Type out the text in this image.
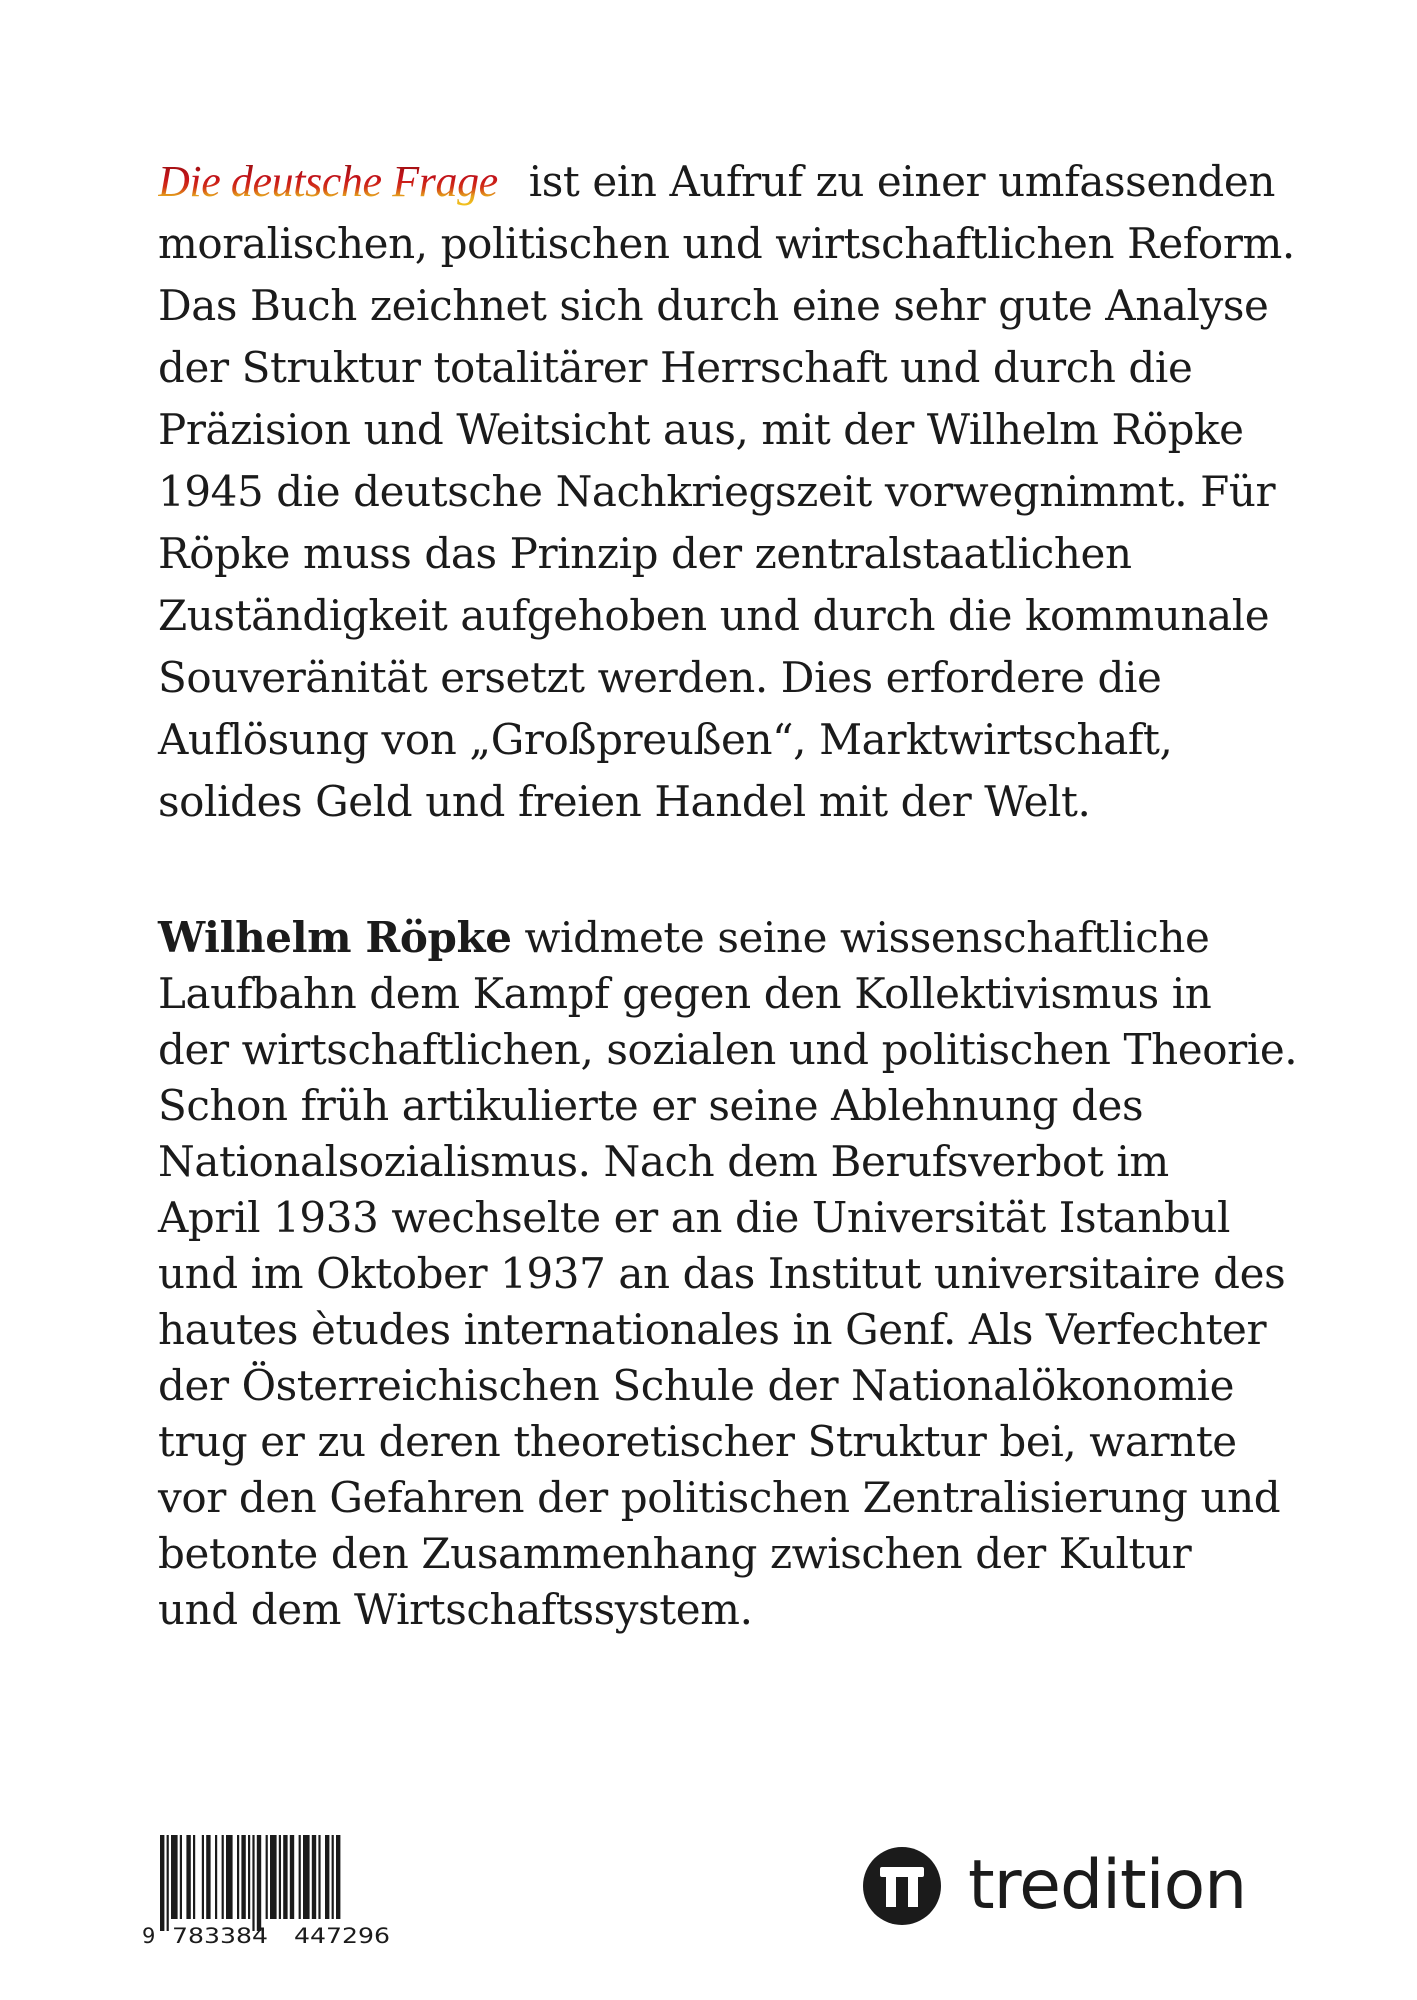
Die deutsche Frage ist ein Aufruf zu einer umfassenden
moralischen, politischen und wirtschaftlichen Reform.
Das Buch zeichnet sich durch eine sehr gute Analyse
der Struktur totalitärer Herrschaft und durch die
Präzision und Weitsicht aus, mit der Wilhelm Röpke
1945 die deutsche Nachkriegszeit vorwegnimmt. Für
Röpke muss das Prinzip der zentralstaatlichen
Zuständigkeit aufgehoben und durch die kommunale
Souveränität ersetzt werden. Dies erfordere die
Auflösung von „Großpreußen“, Marktwirtschaft,
solides Geld und freien Handel mit der Welt.
Wilhelm Röpke widmete seine wissenschaftliche
Laufbahn dem Kampf gegen den Kollektivismus in
der wirtschaftlichen, sozialen und politischen Theorie.
Schon früh artikulierte er seine Ablehnung des
Nationalsozialismus. Nach dem Berufsverbot im
April 1933 wechselte er an die Universität Istanbul
und im Oktober 1937 an das Institut universitaire des
hautes ètudes internationales in Genf. Als Verfechter
der Österreichischen Schule der Nationalökonomie
trug er zu deren theoretischer Struktur bei, warnte
vor den Gefahren der politischen Zentralisierung und
betonte den Zusammenhang zwischen der Kultur
und dem Wirtschaftssystem.
9 783384 447296
tredition
